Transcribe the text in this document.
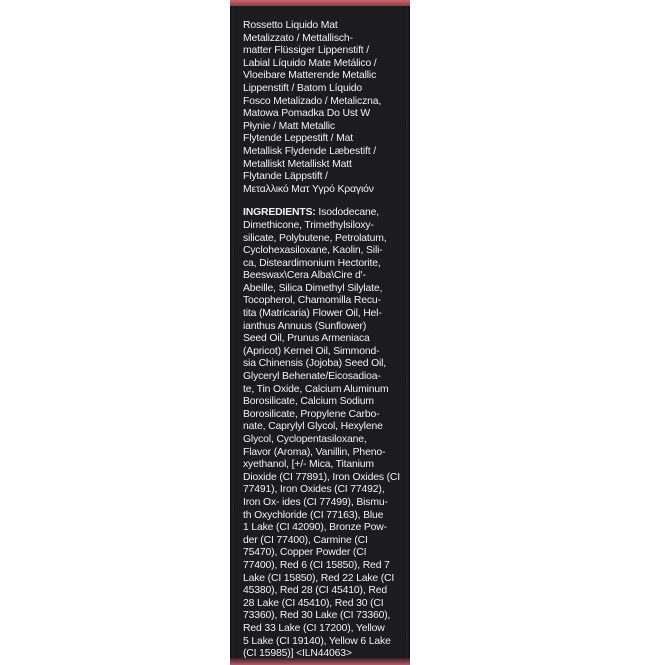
Rossetto Liquido Mat
Metalizzato / Mettallisch-
matter Flüssiger Lippenstift /
Labial Líquido Mate Metálico /
Vloeibare Matterende Metallic
Lippenstift / Batom Líquido
Fosco Metalizado / Metaliczna,
Matowa Pomadka Do Ust W
Płynie / Matt Metallic
Flytende Leppestift / Mat
Metallisk Flydende Læbestift /
Metalliskt Metalliskt Matt
Flytande Läppstift /
Μεταλλικό Ματ Υγρό Κραγιόν
INGREDIENTS: Isododecane,
Dimethicone, Trimethylsiloxy-
silicate, Polybutene, Petrolatum,
Cyclohexasiloxane, Kaolin, Sili-
ca, Disteardimonium Hectorite,
Beeswax\Cera Alba\Cire d'-
Abeille, Silica Dimethyl Silylate,
Tocopherol, Chamomilla Recu-
tita (Matricaria) Flower Oil, Hel-
ianthus Annuus (Sunflower)
Seed Oil, Prunus Armeniaca
(Apricot) Kernel Oil, Simmond-
sia Chinensis (Jojoba) Seed Oil,
Glyceryl Behenate/Eicosadioa-
te, Tin Oxide, Calcium Aluminum
Borosilicate, Calcium Sodium
Borosilicate, Propylene Carbo-
nate, Caprylyl Glycol, Hexylene
Glycol, Cyclopentasiloxane,
Flavor (Aroma), Vanillin, Pheno-
xyethanol, [+/- Mica, Titanium
Dioxide (CI 77891), Iron Oxides (CI
77491), Iron Oxides (CI 77492),
Iron Ox- ides (CI 77499), Bismu-
th Oxychloride (CI 77163), Blue
1 Lake (CI 42090), Bronze Pow-
der (CI 77400), Carmine (CI
75470), Copper Powder (CI
77400), Red 6 (CI 15850), Red 7
Lake (CI 15850), Red 22 Lake (CI
45380), Red 28 (CI 45410), Red
28 Lake (CI 45410), Red 30 (CI
73360), Red 30 Lake (CI 73360),
Red 33 Lake (CI 17200), Yellow
5 Lake (CI 19140), Yellow 6 Lake
(CI 15985)] <ILN44063>
